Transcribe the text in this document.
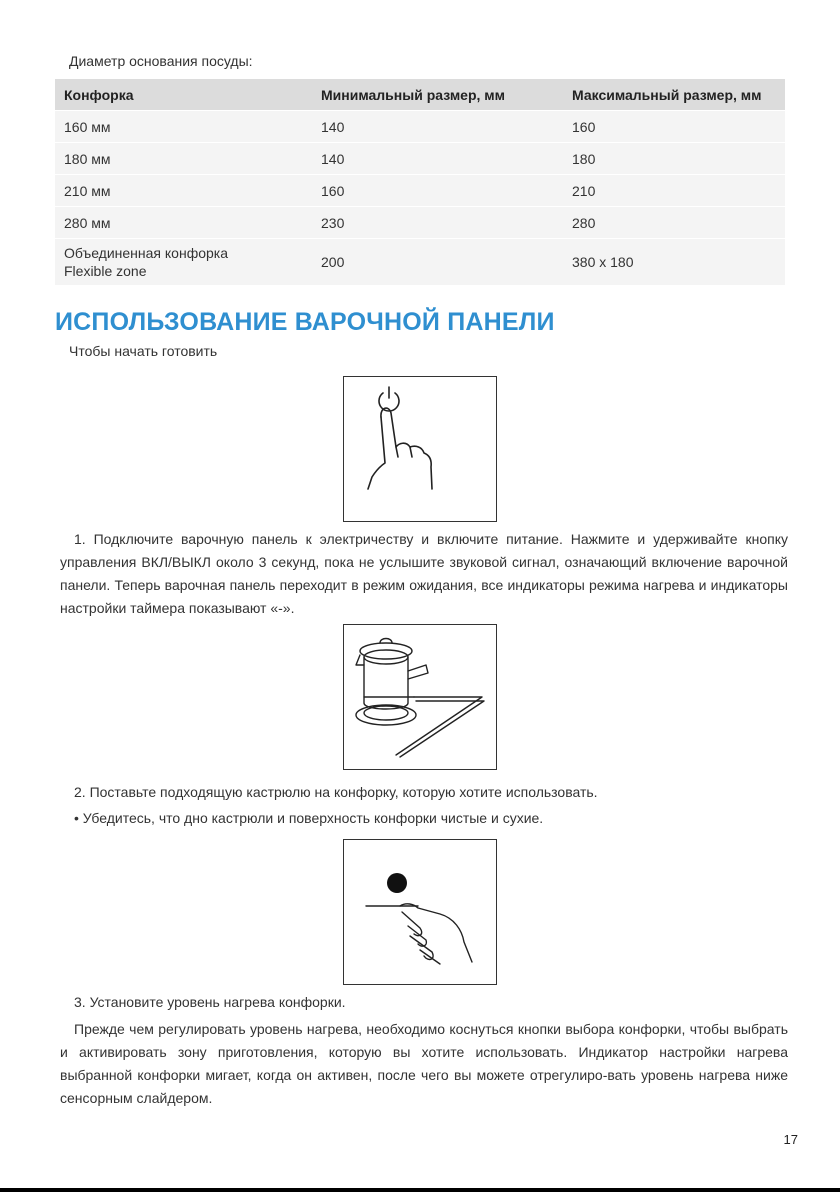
Диаметр основания посуды:
Конфорка	Минимальный размер, мм	Максимальный размер, мм
160 мм	140	160
180 мм	140	180
210 мм	160	210
280 мм	230	280
Объединенная конфорка
Flexible zone	200	380 x 180
ИСПОЛЬЗОВАНИЕ ВАРОЧНОЙ ПАНЕЛИ
Чтобы начать готовить

1. Подключите варочную панель к электричеству и включите питание. Нажмите и удерживайте кнопку управления ВКЛ/ВЫКЛ около 3 секунд, пока не услышите звуковой сигнал, означающий включение варочной панели. Теперь варочная панель переходит в режим ожидания, все индикаторы режима нагрева и индикаторы настройки таймера показывают «-».

2. Поставьте подходящую кастрюлю на конфорку, которую хотите использовать.

• Убедитесь, что дно кастрюли и поверхность конфорки чистые и сухие.

3. Установите уровень нагрева конфорки.

Прежде чем регулировать уровень нагрева, необходимо коснуться кнопки выбора конфорки, чтобы выбрать и активировать зону приготовления, которую вы хотите использовать. Индикатор настройки нагрева выбранной конфорки мигает, когда он активен, после чего вы можете отрегулиро-вать уровень нагрева ниже сенсорным слайдером.

17
